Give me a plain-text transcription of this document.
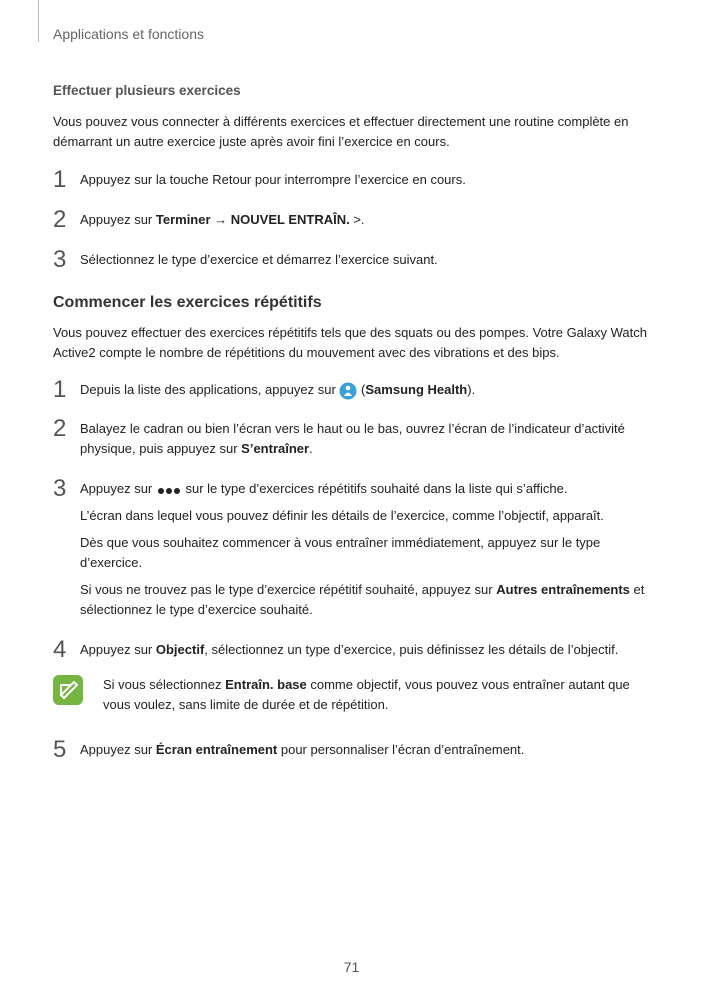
Applications et fonctions
Effectuer plusieurs exercices

Vous pouvez vous connecter à différents exercices et effectuer directement une routine complète en démarrant un autre exercice juste après avoir fini l’exercice en cours.

1 Appuyez sur la touche Retour pour interrompre l’exercice en cours.
2 Appuyez sur Terminer → NOUVEL ENTRAÎN. >.
3 Sélectionnez le type d’exercice et démarrez l’exercice suivant.
Commencer les exercices répétitifs

Vous pouvez effectuer des exercices répétitifs tels que des squats ou des pompes. Votre Galaxy Watch Active2 compte le nombre de répétitions du mouvement avec des vibrations et des bips.

1 Depuis la liste des applications, appuyez sur  (Samsung Health).
2 Balayez le cadran ou bien l’écran vers le haut ou le bas, ouvrez l’écran de l’indicateur d’activité physique, puis appuyez sur S’entraîner.
3 Appuyez sur  sur le type d’exercices répétitifs souhaité dans la liste qui s’affiche.
L’écran dans lequel vous pouvez définir les détails de l’exercice, comme l’objectif, apparaît.
Dès que vous souhaitez commencer à vous entraîner immédiatement, appuyez sur le type d’exercice.
Si vous ne trouvez pas le type d’exercice répétitif souhaité, appuyez sur Autres entraînements et sélectionnez le type d’exercice souhaité.
4 Appuyez sur Objectif, sélectionnez un type d’exercice, puis définissez les détails de l’objectif.
Si vous sélectionnez Entraîn. base comme objectif, vous pouvez vous entraîner autant que vous voulez, sans limite de durée et de répétition.
5 Appuyez sur Écran entraînement pour personnaliser l’écran d’entraînement.
71
